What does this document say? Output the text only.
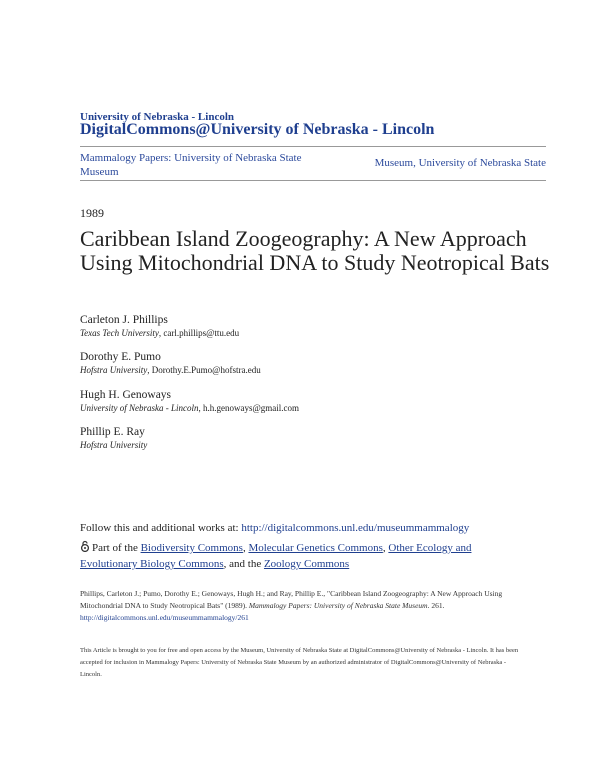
University of Nebraska - Lincoln
DigitalCommons@University of Nebraska - Lincoln
Mammalogy Papers: University of Nebraska State Museum
Museum, University of Nebraska State
1989
Caribbean Island Zoogeography: A New Approach Using Mitochondrial DNA to Study Neotropical Bats
Carleton J. Phillips
Texas Tech University, carl.phillips@ttu.edu
Dorothy E. Pumo
Hofstra University, Dorothy.E.Pumo@hofstra.edu
Hugh H. Genoways
University of Nebraska - Lincoln, h.h.genoways@gmail.com
Phillip E. Ray
Hofstra University
Follow this and additional works at: http://digitalcommons.unl.edu/museummammalogy
Part of the Biodiversity Commons, Molecular Genetics Commons, Other Ecology and Evolutionary Biology Commons, and the Zoology Commons
Phillips, Carleton J.; Pumo, Dorothy E.; Genoways, Hugh H.; and Ray, Phillip E., "Caribbean Island Zoogeography: A New Approach Using Mitochondrial DNA to Study Neotropical Bats" (1989). Mammalogy Papers: University of Nebraska State Museum. 261.
http://digitalcommons.unl.edu/museummammalogy/261
This Article is brought to you for free and open access by the Museum, University of Nebraska State at DigitalCommons@University of Nebraska - Lincoln. It has been accepted for inclusion in Mammalogy Papers: University of Nebraska State Museum by an authorized administrator of DigitalCommons@University of Nebraska - Lincoln.
